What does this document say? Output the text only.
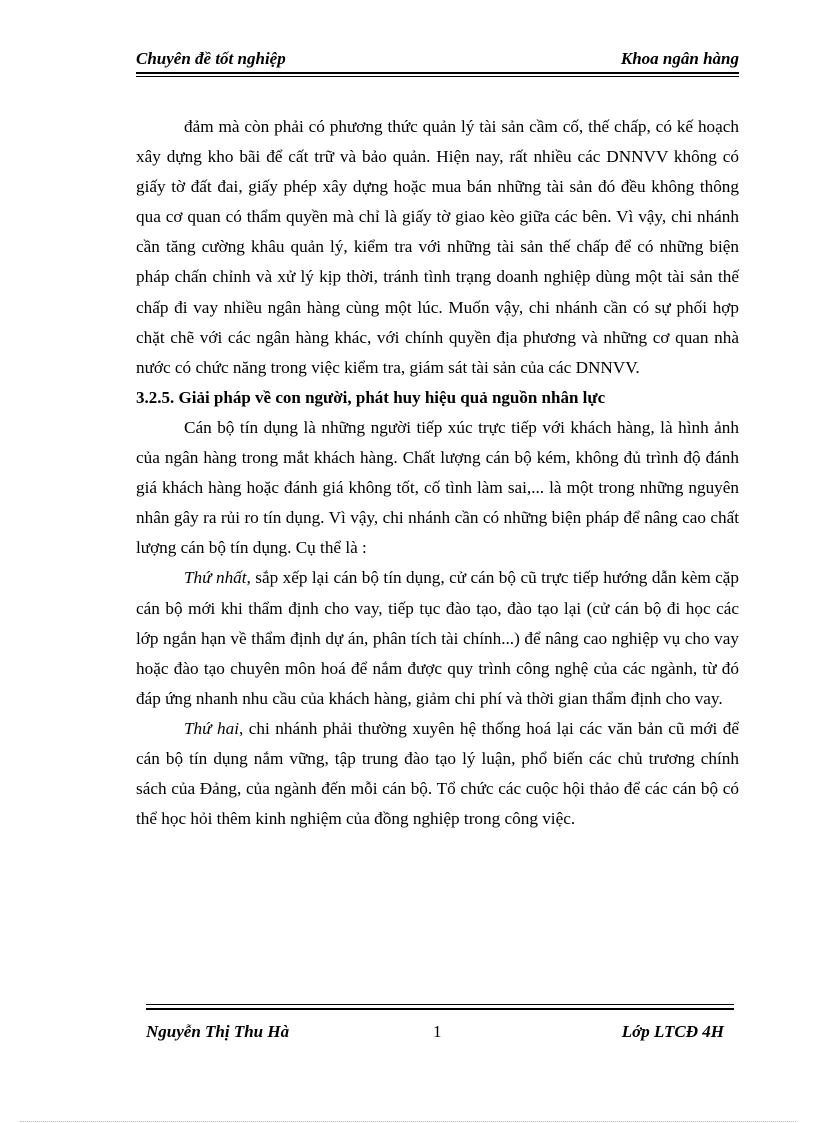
Chuyên đề tốt nghiệp	Khoa ngân hàng

đảm mà còn phải có phương thức quản lý tài sản cầm cố, thế chấp, có kế hoạch xây dựng kho bãi để cất trữ và bảo quản. Hiện nay, rất nhiều các DNNVV không có giấy tờ đất đai, giấy phép xây dựng hoặc mua bán những tài sản đó đều không thông qua cơ quan có thẩm quyền mà chỉ là giấy tờ giao kèo giữa các bên. Vì vậy, chi nhánh cần tăng cường khâu quản lý, kiểm tra với những tài sản thế chấp để có những biện pháp chấn chỉnh và xử lý kịp thời, tránh tình trạng doanh nghiệp dùng một tài sản thế chấp đi vay nhiều ngân hàng cùng một lúc. Muốn vậy, chi nhánh cần có sự phối hợp chặt chẽ với các ngân hàng khác, với chính quyền địa phương và những cơ quan nhà nước có chức năng trong việc kiểm tra, giám sát tài sản của các DNNVV.

3.2.5. Giải pháp về con người, phát huy hiệu quả nguồn nhân lực

Cán bộ tín dụng là những người tiếp xúc trực tiếp với khách hàng, là hình ảnh của ngân hàng trong mắt khách hàng. Chất lượng cán bộ kém, không đủ trình độ đánh giá khách hàng hoặc đánh giá không tốt, cố tình làm sai,... là một trong những nguyên nhân gây ra rủi ro tín dụng. Vì vậy, chi nhánh cần có những biện pháp để nâng cao chất lượng cán bộ tín dụng. Cụ thể là :

Thứ nhất, sắp xếp lại cán bộ tín dụng, cử cán bộ cũ trực tiếp hướng dẫn kèm cặp cán bộ mới khi thẩm định cho vay, tiếp tục đào tạo, đào tạo lại (cử cán bộ đi học các lớp ngắn hạn về thẩm định dự án, phân tích tài chính...) để nâng cao nghiệp vụ cho vay hoặc đào tạo chuyên môn hoá để nắm được quy trình công nghệ của các ngành, từ đó đáp ứng nhanh nhu cầu của khách hàng, giảm chi phí và thời gian thẩm định cho vay.

Thứ hai, chi nhánh phải thường xuyên hệ thống hoá lại các văn bản cũ mới để cán bộ tín dụng nắm vững, tập trung đào tạo lý luận, phổ biến các chủ trương chính sách của Đảng, của ngành đến mỗi cán bộ. Tổ chức các cuộc hội thảo để các cán bộ có thể học hỏi thêm kinh nghiệm của đồng nghiệp trong công việc.

Nguyễn Thị Thu Hà	1	Lớp LTCĐ 4H
